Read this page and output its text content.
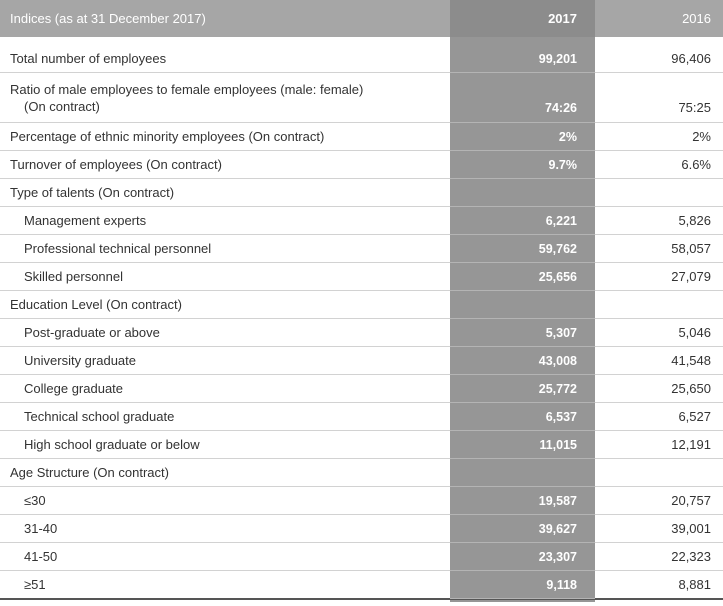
Indices (as at 31 December 2017)	2017	2016
Total number of employees	99,201	96,406
Ratio of male employees to female employees (male: female)
(On contract)	74:26	75:25
Percentage of ethnic minority employees (On contract)	2%	2%
Turnover of employees (On contract)	9.7%	6.6%
Type of talents (On contract)
Management experts	6,221	5,826
Professional technical personnel	59,762	58,057
Skilled personnel	25,656	27,079
Education Level (On contract)
Post-graduate or above	5,307	5,046
University graduate	43,008	41,548
College graduate	25,772	25,650
Technical school graduate	6,537	6,527
High school graduate or below	11,015	12,191
Age Structure (On contract)
≤30	19,587	20,757
31-40	39,627	39,001
41-50	23,307	22,323
≥51	9,118	8,881
